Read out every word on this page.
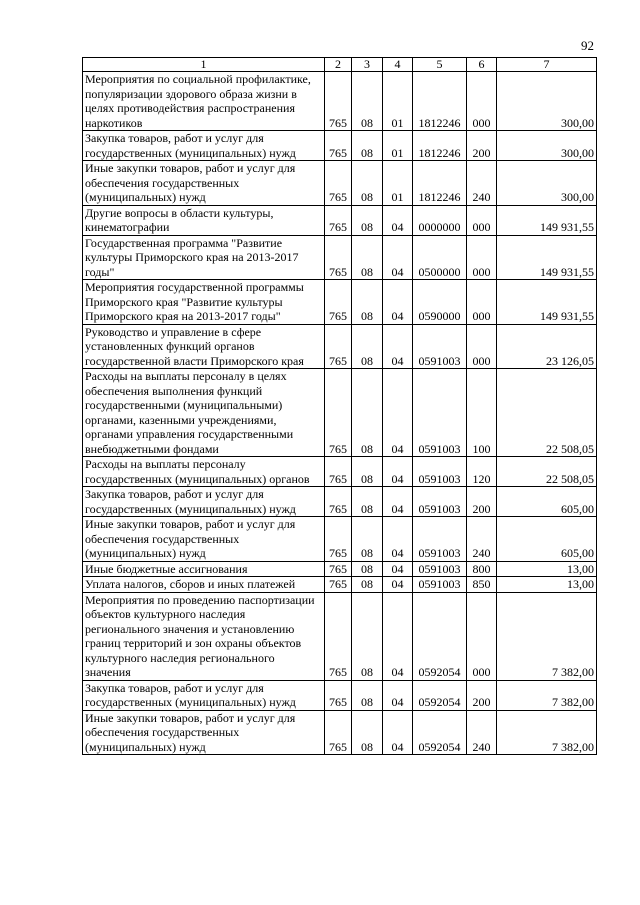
92
1	2	3	4	5	6	7
Мероприятия по социальной профилактике, популяризации здорового образа жизни в целях противодействия распространения наркотиков	765	08	01	1812246	000	300,00
Закупка товаров, работ и услуг для государственных (муниципальных) нужд	765	08	01	1812246	200	300,00
Иные закупки товаров, работ и услуг для обеспечения государственных (муниципальных) нужд	765	08	01	1812246	240	300,00
Другие вопросы в области культуры, кинематографии	765	08	04	0000000	000	149 931,55
Государственная программа "Развитие культуры Приморского края на 2013-2017 годы"	765	08	04	0500000	000	149 931,55
Мероприятия государственной программы Приморского края "Развитие культуры Приморского края на 2013-2017 годы"	765	08	04	0590000	000	149 931,55
Руководство и управление в сфере установленных функций органов государственной власти Приморского края	765	08	04	0591003	000	23 126,05
Расходы на выплаты персоналу в целях обеспечения выполнения функций государственными (муниципальными) органами, казенными учреждениями, органами управления государственными внебюджетными фондами	765	08	04	0591003	100	22 508,05
Расходы на выплаты персоналу государственных (муниципальных) органов	765	08	04	0591003	120	22 508,05
Закупка товаров, работ и услуг для государственных (муниципальных) нужд	765	08	04	0591003	200	605,00
Иные закупки товаров, работ и услуг для обеспечения государственных (муниципальных) нужд	765	08	04	0591003	240	605,00
Иные бюджетные ассигнования	765	08	04	0591003	800	13,00
Уплата налогов, сборов и иных платежей	765	08	04	0591003	850	13,00
Мероприятия по проведению паспортизации объектов культурного наследия регионального значения и установлению границ территорий и зон охраны объектов культурного наследия регионального значения	765	08	04	0592054	000	7 382,00
Закупка товаров, работ и услуг для государственных (муниципальных) нужд	765	08	04	0592054	200	7 382,00
Иные закупки товаров, работ и услуг для обеспечения государственных (муниципальных) нужд	765	08	04	0592054	240	7 382,00
